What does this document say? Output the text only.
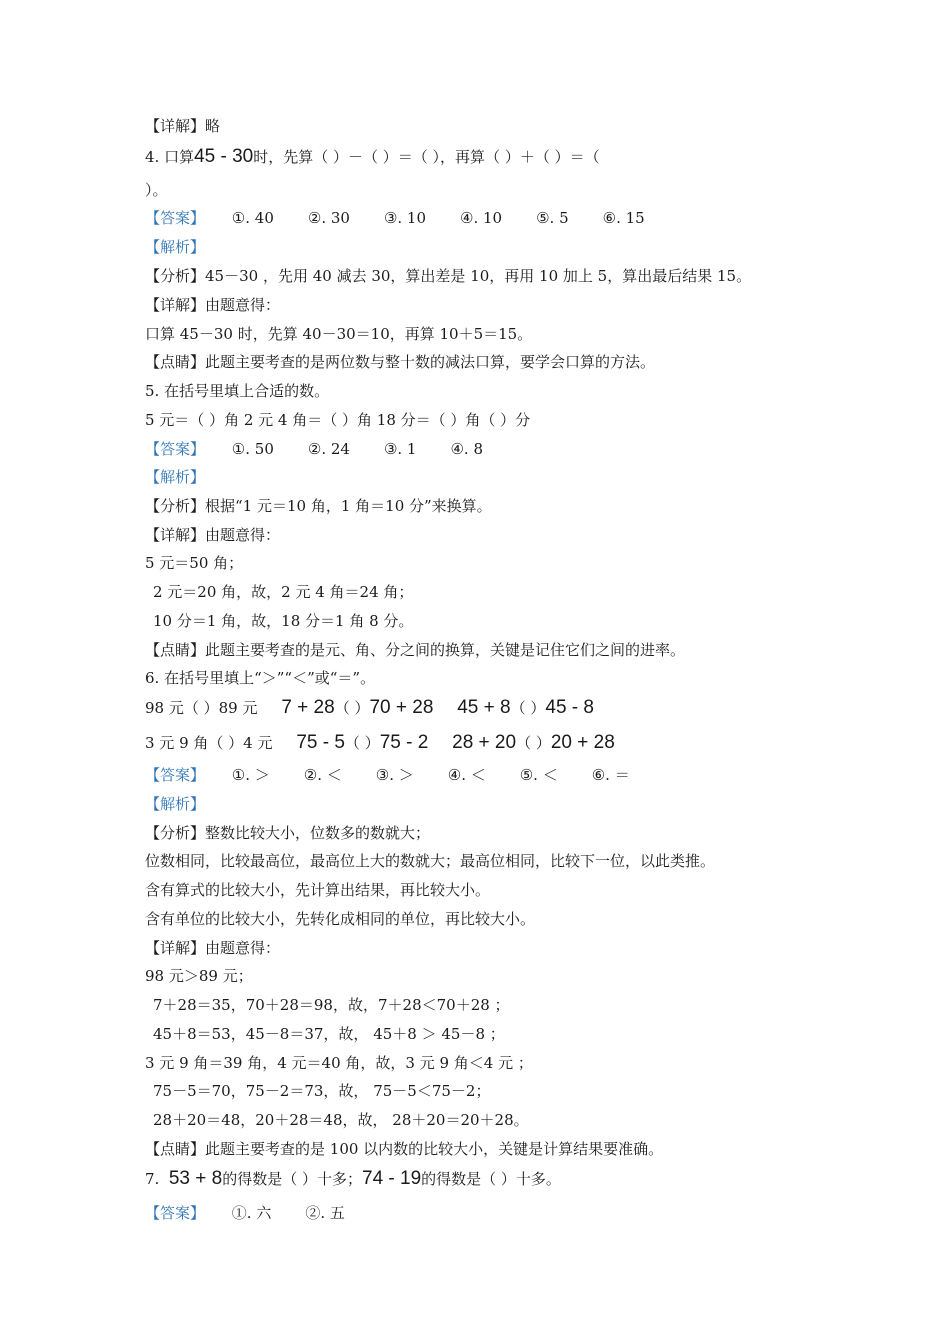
【详解】略
4. 口算45 - 30时，先算（ ）－（ ）＝（ ），再算（ ）＋（ ）＝（
）。
【答案】 ①. 40 ②. 30 ③. 10 ④. 10 ⑤. 5 ⑥. 15
【解析】
【分析】45－30 ，先用 40 减去 30，算出差是 10，再用 10 加上 5，算出最后结果 15。
【详解】由题意得：
口算 45－30 时，先算 40－30＝10，再算 10＋5＝15。
【点睛】此题主要考查的是两位数与整十数的减法口算，要学会口算的方法。
5. 在括号里填上合适的数。
5 元＝（ ）角 2 元 4 角＝（ ）角 18 分＝（ ）角（ ）分
【答案】 ①. 50 ②. 24 ③. 1 ④. 8
【解析】
【分析】根据“1 元＝10 角，1 角＝10 分”来换算。
【详解】由题意得：
5 元＝50 角；
2 元＝20 角，故，2 元 4 角＝24 角；
10 分＝1 角，故，18 分＝1 角 8 分。
【点睛】此题主要考查的是元、角、分之间的换算，关键是记住它们之间的进率。
6. 在括号里填上“＞”“＜”或“＝”。
98 元（ ）89 元 7 + 28（ ）70 + 28 45 + 8（ ）45 - 8
3 元 9 角（ ）4 元 75 - 5（ ）75 - 2 28 + 20（ ）20 + 28
【答案】 ①. ＞ ②. ＜ ③. ＞ ④. ＜ ⑤. ＜ ⑥. ＝
【解析】
【分析】整数比较大小，位数多的数就大；
位数相同，比较最高位，最高位上大的数就大；最高位相同，比较下一位，以此类推。
含有算式的比较大小，先计算出结果，再比较大小。
含有单位的比较大小，先转化成相同的单位，再比较大小。
【详解】由题意得：
98 元＞89 元；
7＋28＝35，70＋28＝98，故，7＋28＜70＋28 ；
45＋8＝53，45－8＝37，故， 45＋8 ＞ 45－8 ；
3 元 9 角＝39 角，4 元＝40 角，故，3 元 9 角＜4 元 ；
75－5＝70，75－2＝73，故， 75－5＜75－2；
28＋20＝48，20＋28＝48，故， 28＋20＝20＋28。
【点睛】此题主要考查的是 100 以内数的比较大小，关键是计算结果要准确。
7. 53 + 8的得数是（ ）十多；74 - 19的得数是（ ）十多。
【答案】 ①. 六 ②. 五
